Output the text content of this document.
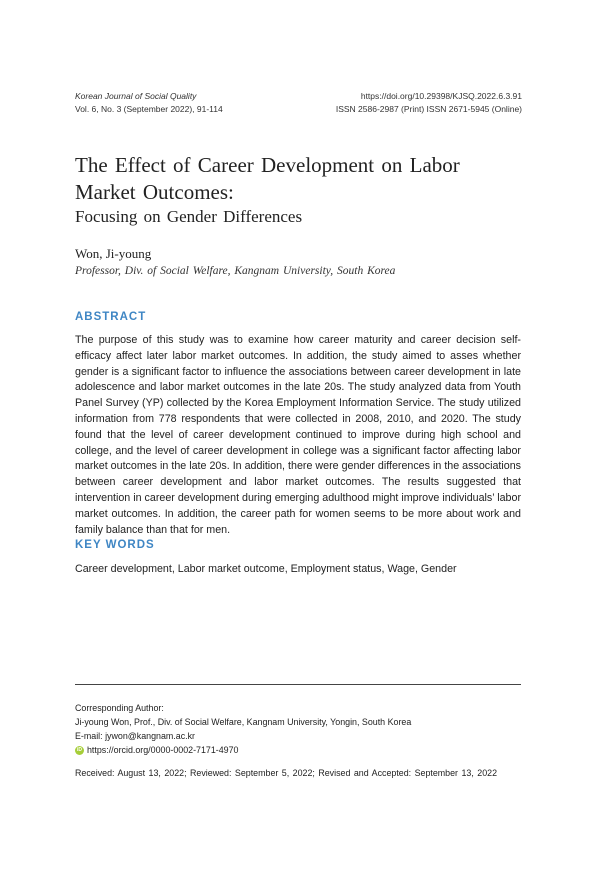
Korean Journal of Social Quality
Vol. 6, No. 3 (September 2022), 91-114
https://doi.org/10.29398/KJSQ.2022.6.3.91
ISSN 2586-2987 (Print) ISSN 2671-5945 (Online)
The Effect of Career Development on Labor
Market Outcomes:
Focusing on Gender Differences
Won, Ji-young
Professor, Div. of Social Welfare, Kangnam University, South Korea
ABSTRACT
The purpose of this study was to examine how career maturity and career decision self-efficacy affect later labor market outcomes. In addition, the study aimed to asses whether gender is a significant factor to influence the associations between career development in late adolescence and labor market outcomes in the late 20s. The study analyzed data from Youth Panel Survey (YP) collected by the Korea Employment Information Service. The study utilized information from 778 respondents that were collected in 2008, 2010, and 2020. The study found that the level of career development continued to improve during high school and college, and the level of career development in college was a significant factor affecting labor market outcomes in the late 20s. In addition, there were gender differences in the associations between career development and labor market outcomes. The results suggested that intervention in career development during emerging adulthood might improve individuals’ labor market outcomes. In addition, the career path for women seems to be more about work and family balance than that for men.
KEY WORDS
Career development, Labor market outcome, Employment status, Wage, Gender
Corresponding Author:
Ji-young Won, Prof., Div. of Social Welfare, Kangnam University, Yongin, South Korea
E-mail: jywon@kangnam.ac.kr
iD https://orcid.org/0000-0002-7171-4970
Received: August 13, 2022; Reviewed: September 5, 2022; Revised and Accepted: September 13, 2022
